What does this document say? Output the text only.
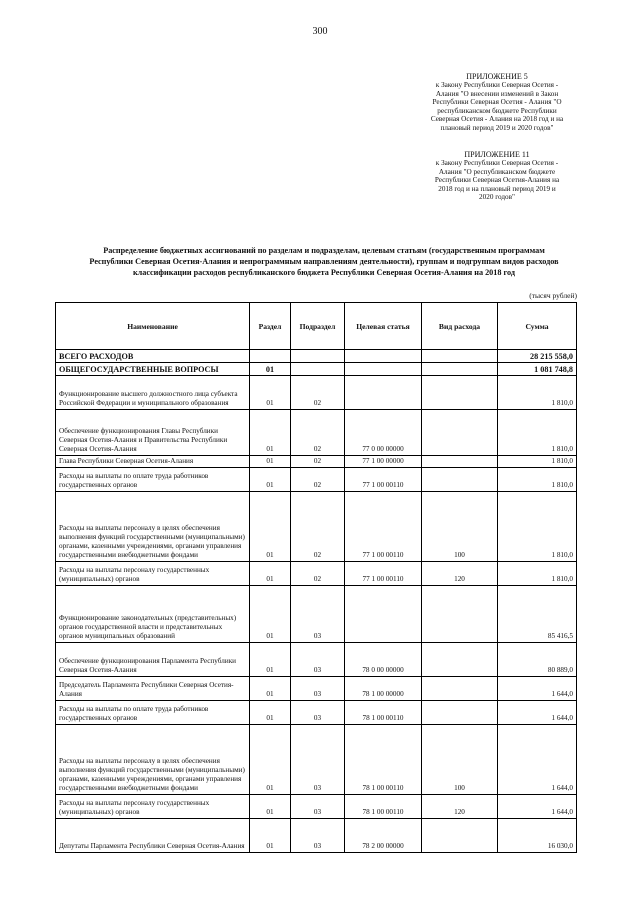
300
ПРИЛОЖЕНИЕ 5
к Закону Республики Северная Осетия -
Алания "О внесении изменений в Закон
Республики Северная Осетия - Алания "О
республиканском бюджете Республики
Северная Осетия - Алания на 2018 год и на
плановый период 2019 и 2020 годов"
ПРИЛОЖЕНИЕ 11
к Закону Республики Северная Осетия -
Алания "О республиканском бюджете
Республики Северная Осетия-Алания на
2018 год и на плановый период 2019 и
2020 годов"
Распределение бюджетных ассигнований по разделам и подразделам, целевым статьям (государственным программам
Республики Северная Осетия-Алания и непрограммным направлениям деятельности), группам и подгруппам видов расходов
классификации расходов республиканского бюджета Республики Северная Осетия-Алания на 2018 год
(тысяч рублей)
Наименование	Раздел	Подраздел	Целевая статья	Вид расхода	Сумма
ВСЕГО РАСХОДОВ					28 215 558,0
ОБЩЕГОСУДАРСТВЕННЫЕ ВОПРОСЫ	01				1 081 748,8
Функционирование высшего должностного лица субъекта Российской Федерации и муниципального образования	01	02			1 810,0
Обеспечение функционирования Главы Республики Северная Осетия-Алания и Правительства Республики Северная Осетия-Алания	01	02	77 0 00 00000		1 810,0
Глава Республики Северная Осетия-Алания	01	02	77 1 00 00000		1 810,0
Расходы на выплаты по оплате труда работников государственных органов	01	02	77 1 00 00110		1 810,0
Расходы на выплаты персоналу в целях обеспечения выполнения функций государственными (муниципальными) органами, казенными учреждениями, органами управления государственными внебюджетными фондами	01	02	77 1 00 00110	100	1 810,0
Расходы на выплаты персоналу государственных (муниципальных) органов	01	02	77 1 00 00110	120	1 810,0
Функционирование законодательных (представительных) органов государственной власти и представительных органов муниципальных образований	01	03			85 416,5
Обеспечение функционирования Парламента Республики Северная Осетия-Алания	01	03	78 0 00 00000		80 889,0
Председатель Парламента Республики Северная Осетия-Алания	01	03	78 1 00 00000		1 644,0
Расходы на выплаты по оплате труда работников государственных органов	01	03	78 1 00 00110		1 644,0
Расходы на выплаты персоналу в целях обеспечения выполнения функций государственными (муниципальными) органами, казенными учреждениями, органами управления государственными внебюджетными фондами	01	03	78 1 00 00110	100	1 644,0
Расходы на выплаты персоналу государственных (муниципальных) органов	01	03	78 1 00 00110	120	1 644,0
Депутаты Парламента Республики Северная Осетия-Алания	01	03	78 2 00 00000		16 030,0
